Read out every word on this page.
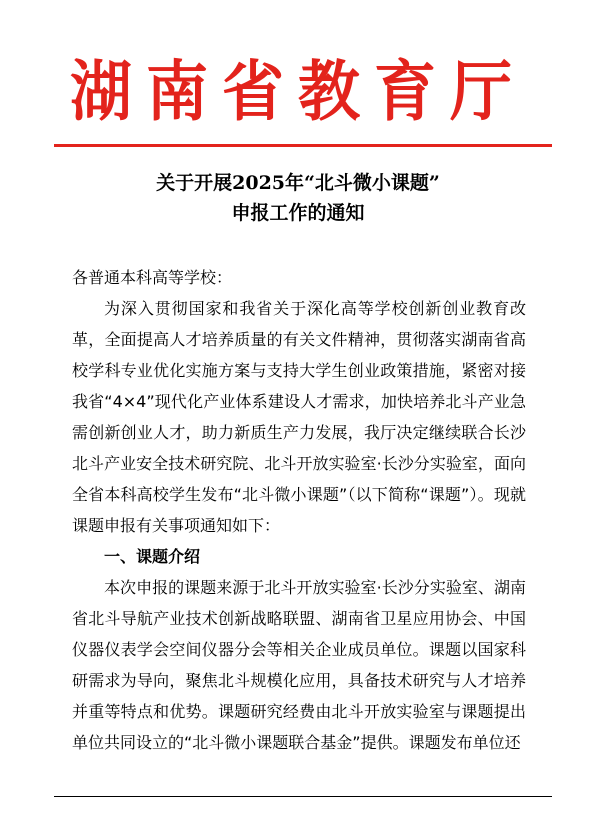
湖南省教育厅
关于开展2025年“北斗微小课题”
申报工作的通知
各普通本科高等学校：

为深入贯彻国家和我省关于深化高等学校创新创业教育改革，全面提高人才培养质量的有关文件精神，贯彻落实湖南省高校学科专业优化实施方案与支持大学生创业政策措施，紧密对接我省“4×4”现代化产业体系建设人才需求，加快培养北斗产业急需创新创业人才，助力新质生产力发展，我厅决定继续联合长沙北斗产业安全技术研究院、北斗开放实验室·长沙分实验室，面向全省本科高校学生发布“北斗微小课题”（以下简称“课题”）。现就课题申报有关事项通知如下：

一、课题介绍

本次申报的课题来源于北斗开放实验室·长沙分实验室、湖南省北斗导航产业技术创新战略联盟、湖南省卫星应用协会、中国仪器仪表学会空间仪器分会等相关企业成员单位。课题以国家科研需求为导向，聚焦北斗规模化应用，具备技术研究与人才培养并重等特点和优势。课题研究经费由北斗开放实验室与课题提出单位共同设立的“北斗微小课题联合基金”提供。课题发布单位还
